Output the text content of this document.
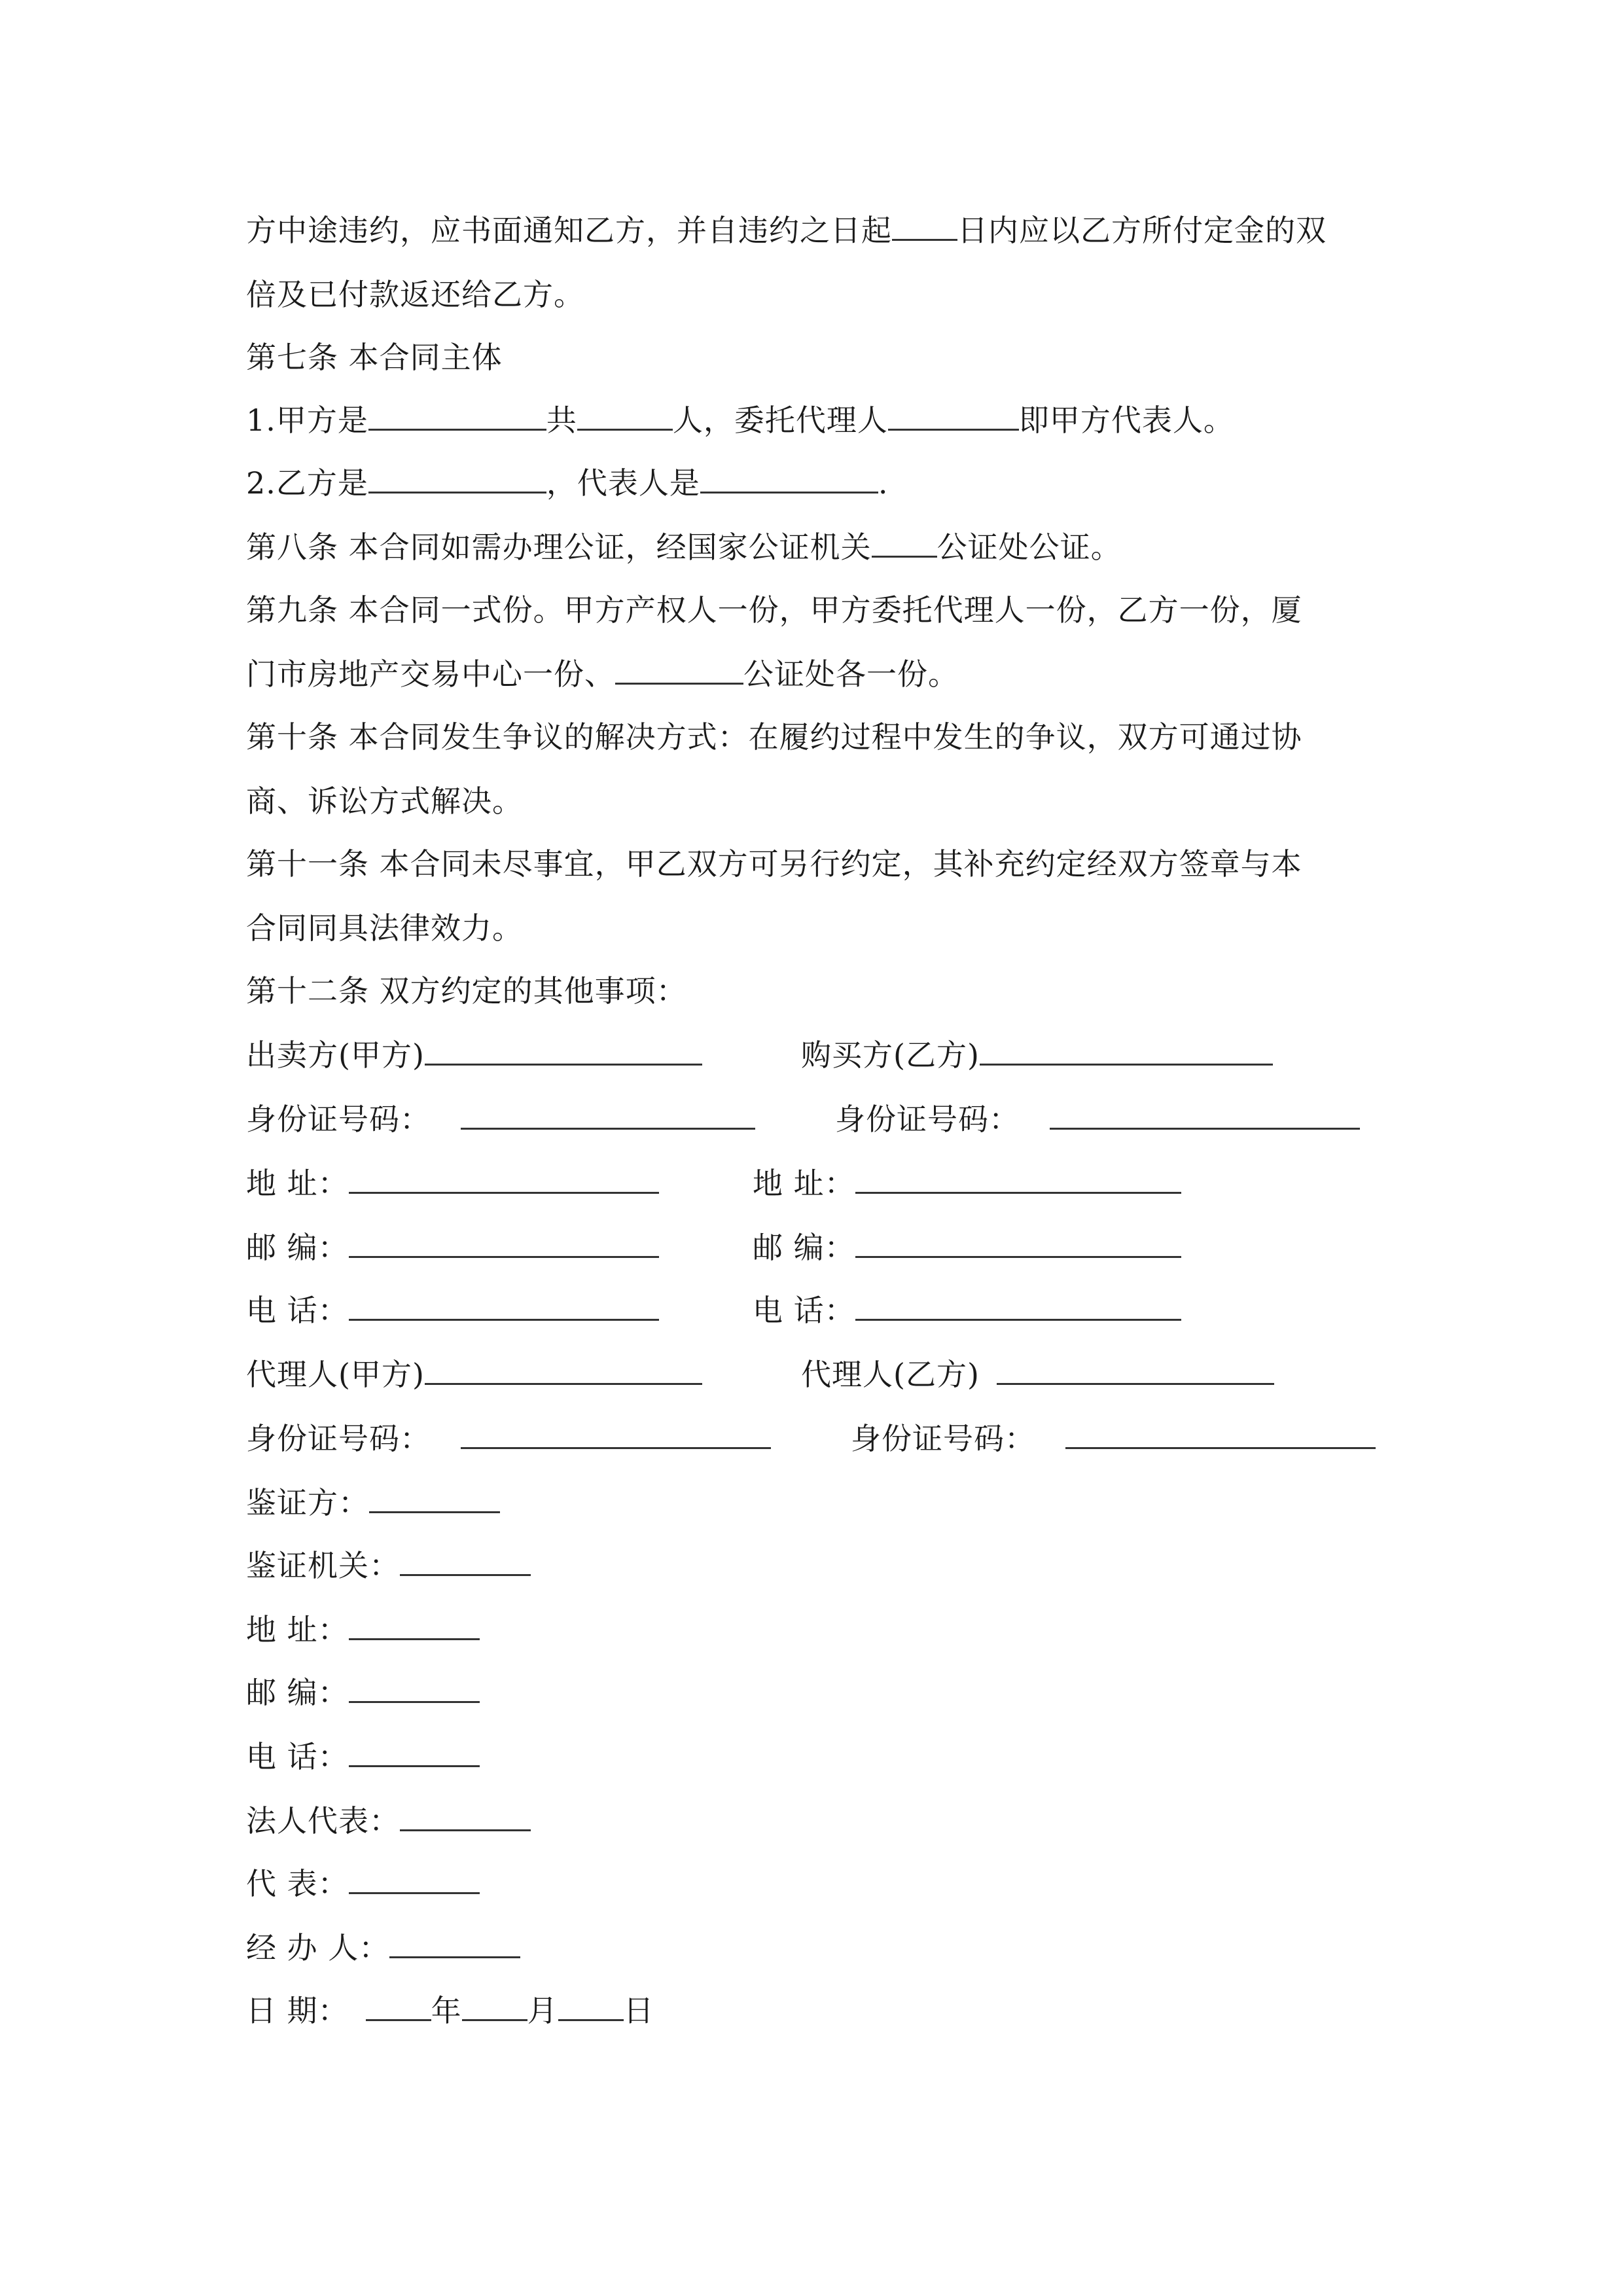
方中途违约，应书面通知乙方，并自违约之日起 日内应以乙方所付定金的双
倍及已付款返还给乙方。
第七条 本合同主体
1.甲方是	共	人，委托代理人	即甲方代表人。
2.乙方是	，代表人是	.
第八条 本合同如需办理公证，经国家公证机关 公证处公证。
第九条 本合同一式份。甲方产权人一份，甲方委托代理人一份，乙方一份，厦
门市房地产交易中心一份、	公证处各一份。
第十条 本合同发生争议的解决方式：在履约过程中发生的争议，双方可通过协
商、诉讼方式解决。
第十一条 本合同未尽事宜，甲乙双方可另行约定，其补充约定经双方签章与本
合同同具法律效力。
第十二条 双方约定的其他事项：
出卖方(甲方)	购买方(乙方)
身份证号码：	身份证号码：
地 址：	地 址：
邮 编：	邮 编：
电 话：	电 话：
代理人(甲方)	代理人(乙方)
身份证号码：	身份证号码：
鉴证方：
鉴证机关：
地 址：
邮 编：
电 话：
法人代表：
代 表：
经 办 人：
日 期：	年 月 日
